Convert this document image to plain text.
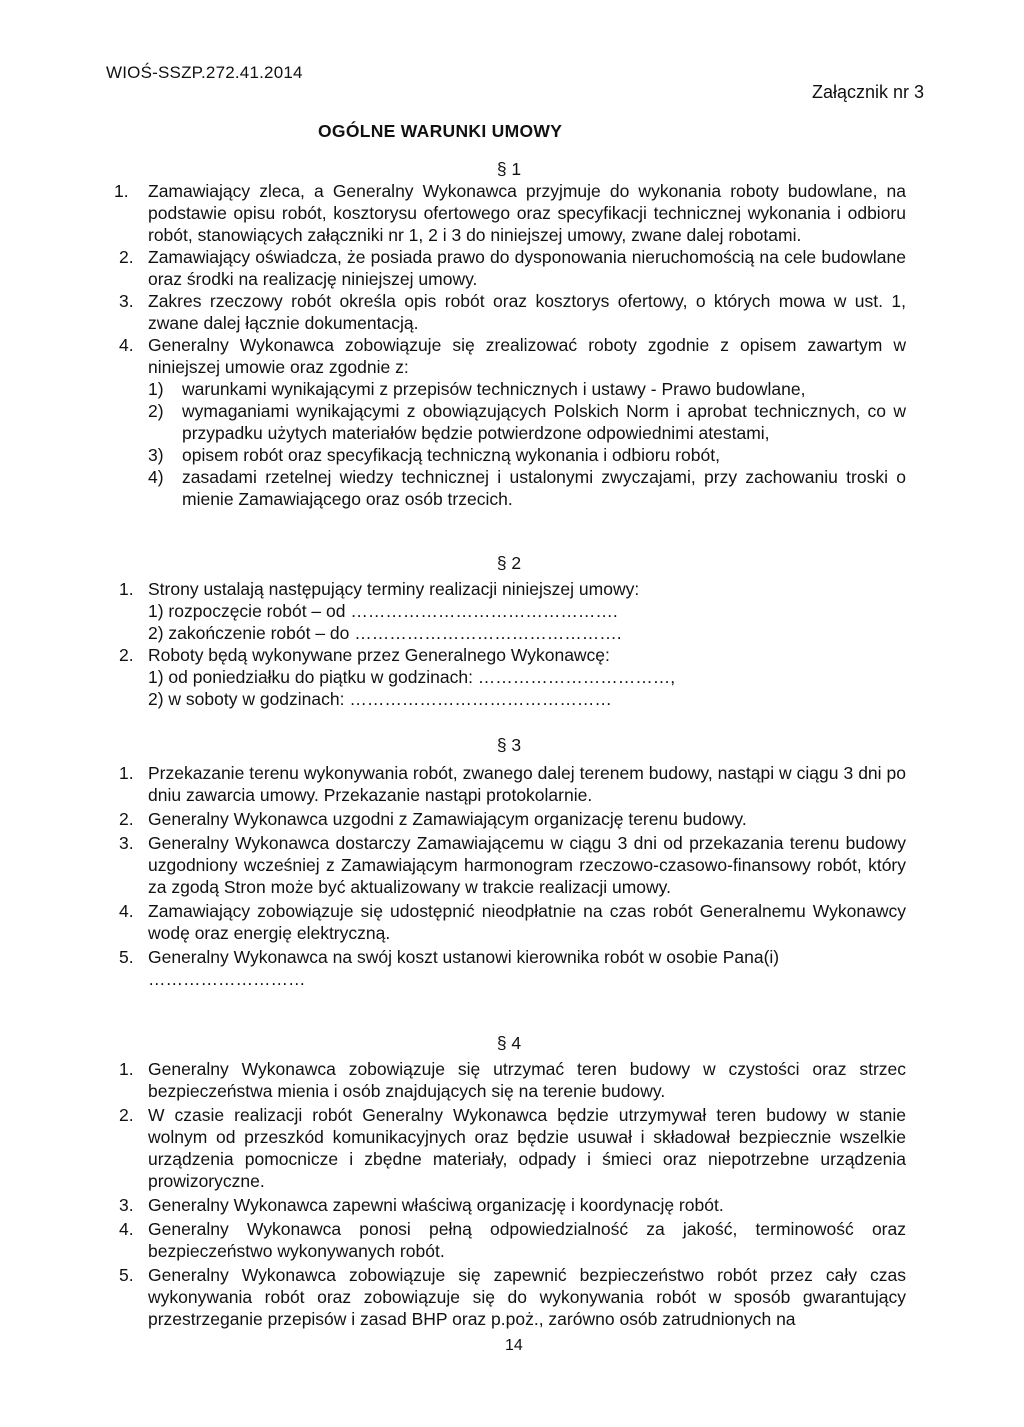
WIOŚ-SSZP.272.41.2014
Załącznik nr 3
OGÓLNE WARUNKI UMOWY
§ 1
1. Zamawiający zleca, a Generalny Wykonawca przyjmuje do wykonania roboty budowlane, na podstawie opisu robót, kosztorysu ofertowego oraz specyfikacji technicznej wykonania i odbioru robót, stanowiących załączniki nr 1, 2 i 3 do niniejszej umowy, zwane dalej robotami.
2. Zamawiający oświadcza, że posiada prawo do dysponowania nieruchomością na cele budowlane oraz środki na realizację niniejszej umowy.
3. Zakres rzeczowy robót określa opis robót oraz kosztorys ofertowy, o których mowa w ust. 1, zwane dalej łącznie dokumentacją.
4. Generalny Wykonawca zobowiązuje się zrealizować roboty zgodnie z opisem zawartym w niniejszej umowie oraz zgodnie z:
1) warunkami wynikającymi z przepisów technicznych i ustawy - Prawo budowlane,
2) wymaganiami wynikającymi z obowiązujących Polskich Norm i aprobat technicznych, co w przypadku użytych materiałów będzie potwierdzone odpowiednimi atestami,
3) opisem robót oraz specyfikacją techniczną wykonania i odbioru robót,
4) zasadami rzetelnej wiedzy technicznej i ustalonymi zwyczajami, przy zachowaniu troski o mienie Zamawiającego oraz osób trzecich.
§ 2
1. Strony ustalają następujący terminy realizacji niniejszej umowy:
1) rozpoczęcie robót – od ……………………………………….
2) zakończenie robót – do ……………………………………….
2. Roboty będą wykonywane przez Generalnego Wykonawcę:
1) od poniedziałku do piątku w godzinach: ……………………………,
2) w soboty w godzinach: ………………………………………
§ 3
1. Przekazanie terenu wykonywania robót, zwanego dalej terenem budowy, nastąpi w ciągu 3 dni po dniu zawarcia umowy. Przekazanie nastąpi protokolarnie.
2. Generalny Wykonawca uzgodni z Zamawiającym organizację terenu budowy.
3. Generalny Wykonawca dostarczy Zamawiającemu w ciągu 3 dni od przekazania terenu budowy uzgodniony wcześniej z Zamawiającym harmonogram rzeczowo-czasowo-finansowy robót, który za zgodą Stron może być aktualizowany w trakcie realizacji umowy.
4. Zamawiający zobowiązuje się udostępnić nieodpłatnie na czas robót Generalnemu Wykonawcy wodę oraz energię elektryczną.
5. Generalny Wykonawca na swój koszt ustanowi kierownika robót w osobie Pana(i)
………………………
§ 4
1. Generalny Wykonawca zobowiązuje się utrzymać teren budowy w czystości oraz strzec bezpieczeństwa mienia i osób znajdujących się na terenie budowy.
2. W czasie realizacji robót Generalny Wykonawca będzie utrzymywał teren budowy w stanie wolnym od przeszkód komunikacyjnych oraz będzie usuwał i składował bezpiecznie wszelkie urządzenia pomocnicze i zbędne materiały, odpady i śmieci oraz niepotrzebne urządzenia prowizoryczne.
3. Generalny Wykonawca zapewni właściwą organizację i koordynację robót.
4. Generalny Wykonawca ponosi pełną odpowiedzialność za jakość, terminowość oraz bezpieczeństwo wykonywanych robót.
5. Generalny Wykonawca zobowiązuje się zapewnić bezpieczeństwo robót przez cały czas wykonywania robót oraz zobowiązuje się do wykonywania robót w sposób gwarantujący przestrzeganie przepisów i zasad BHP oraz p.poż., zarówno osób zatrudnionych na
14
